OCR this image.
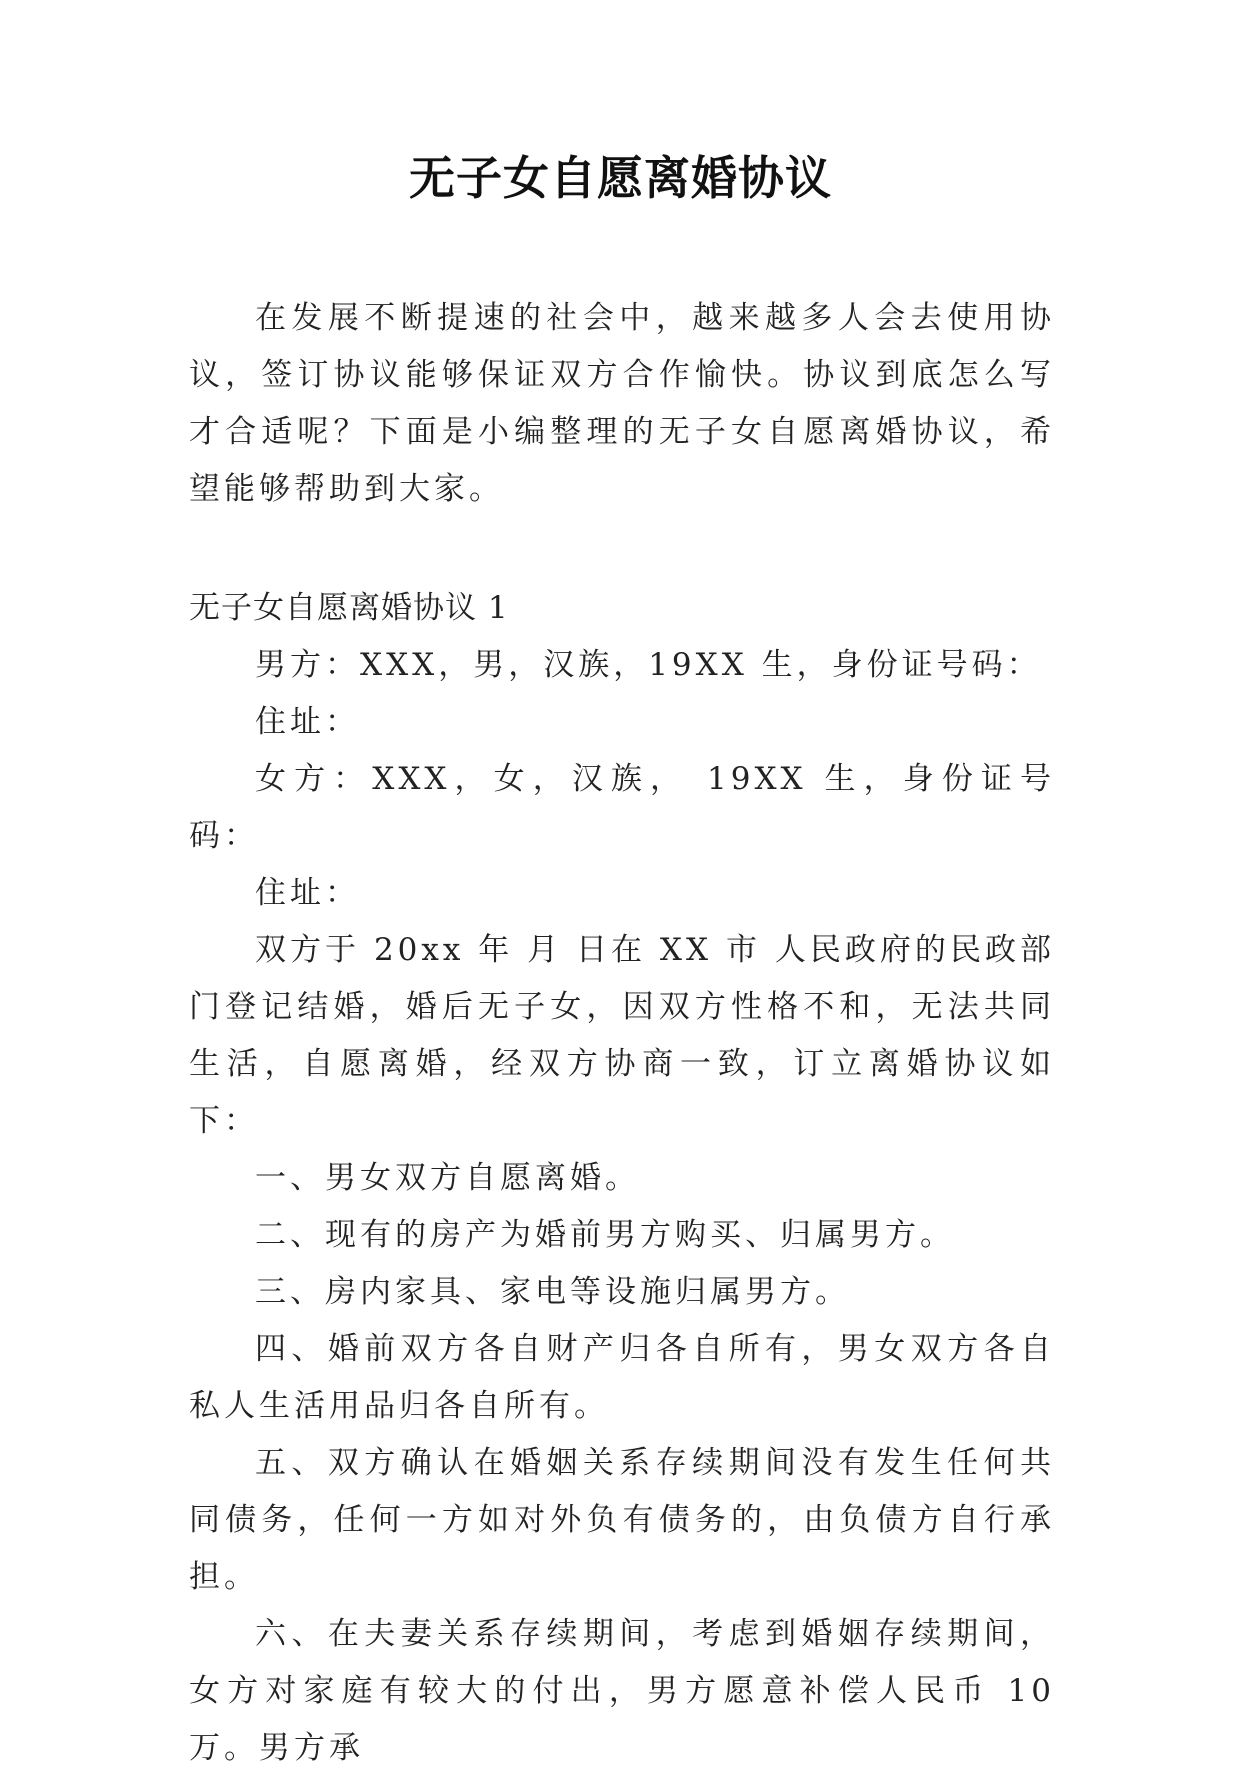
无子女自愿离婚协议

在发展不断提速的社会中，越来越多人会去使用协议，签订协议能够保证双方合作愉快。协议到底怎么写才合适呢？下面是小编整理的无子女自愿离婚协议，希望能够帮助到大家。

无子女自愿离婚协议 1

男方：XXX，男，汉族，19XX 生，身份证号码：

住址：

女方：XXX，女，汉族， 19XX 生，身份证号码：

住址：

双方于 20xx 年 月 日在 XX 市 人民政府的民政部门登记结婚，婚后无子女，因双方性格不和，无法共同生活，自愿离婚，经双方协商一致，订立离婚协议如下：

一、男女双方自愿离婚。

二、现有的房产为婚前男方购买、归属男方。

三、房内家具、家电等设施归属男方。

四、婚前双方各自财产归各自所有，男女双方各自私人生活用品归各自所有。

五、双方确认在婚姻关系存续期间没有发生任何共同债务，任何一方如对外负有债务的，由负债方自行承担。

六、在夫妻关系存续期间，考虑到婚姻存续期间，女方对家庭有较大的付出，男方愿意补偿人民币 10 万。男方承
